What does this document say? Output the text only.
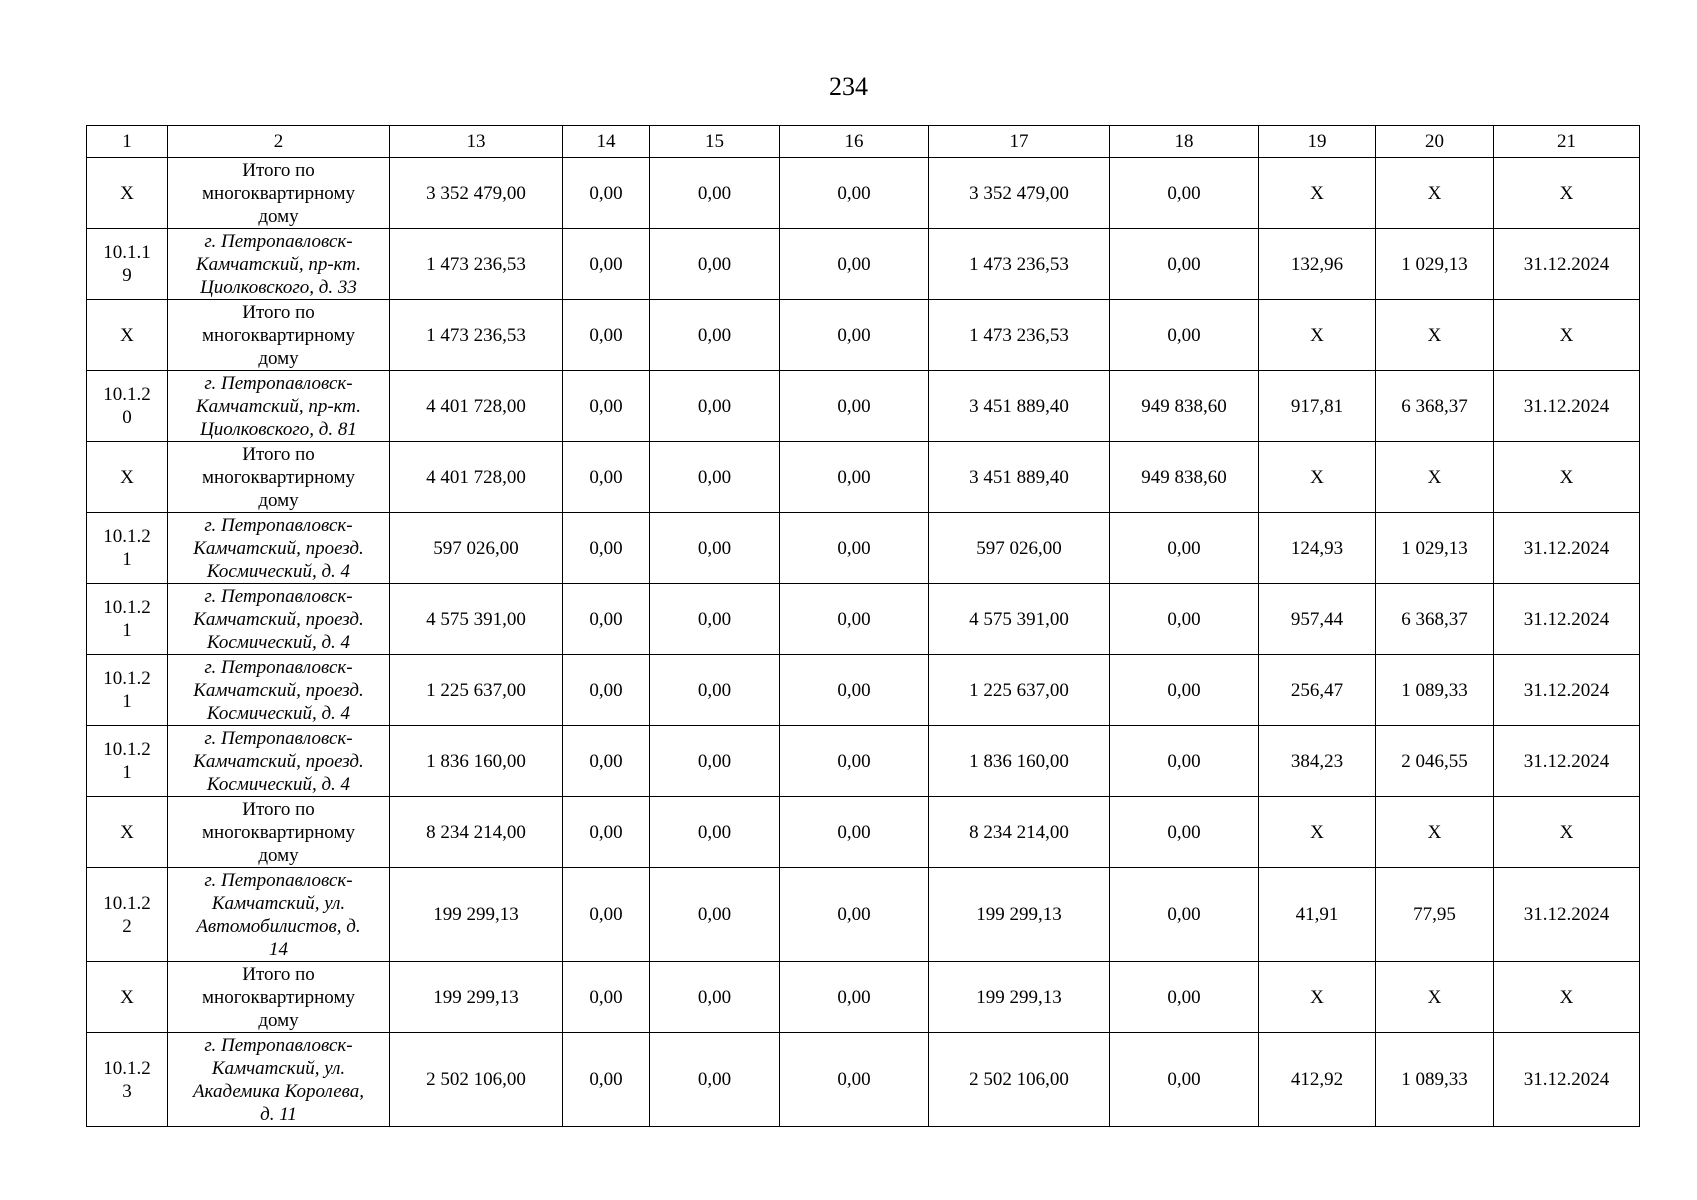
234
1	2	13	14	15	16	17	18	19	20	21
Х	Итого по
многоквартирному
дому	3 352 479,00	0,00	0,00	0,00	3 352 479,00	0,00	Х	Х	Х
10.1.1
9	г. Петропавловск-
Камчатский, пр-кт.
Циолковского, д. 33	1 473 236,53	0,00	0,00	0,00	1 473 236,53	0,00	132,96	1 029,13	31.12.2024
Х	Итого по
многоквартирному
дому	1 473 236,53	0,00	0,00	0,00	1 473 236,53	0,00	Х	Х	Х
10.1.2
0	г. Петропавловск-
Камчатский, пр-кт.
Циолковского, д. 81	4 401 728,00	0,00	0,00	0,00	3 451 889,40	949 838,60	917,81	6 368,37	31.12.2024
Х	Итого по
многоквартирному
дому	4 401 728,00	0,00	0,00	0,00	3 451 889,40	949 838,60	Х	Х	Х
10.1.2
1	г. Петропавловск-
Камчатский, проезд.
Космический, д. 4	597 026,00	0,00	0,00	0,00	597 026,00	0,00	124,93	1 029,13	31.12.2024
10.1.2
1	г. Петропавловск-
Камчатский, проезд.
Космический, д. 4	4 575 391,00	0,00	0,00	0,00	4 575 391,00	0,00	957,44	6 368,37	31.12.2024
10.1.2
1	г. Петропавловск-
Камчатский, проезд.
Космический, д. 4	1 225 637,00	0,00	0,00	0,00	1 225 637,00	0,00	256,47	1 089,33	31.12.2024
10.1.2
1	г. Петропавловск-
Камчатский, проезд.
Космический, д. 4	1 836 160,00	0,00	0,00	0,00	1 836 160,00	0,00	384,23	2 046,55	31.12.2024
Х	Итого по
многоквартирному
дому	8 234 214,00	0,00	0,00	0,00	8 234 214,00	0,00	Х	Х	Х
10.1.2
2	г. Петропавловск-
Камчатский, ул.
Автомобилистов, д.
14	199 299,13	0,00	0,00	0,00	199 299,13	0,00	41,91	77,95	31.12.2024
Х	Итого по
многоквартирному
дому	199 299,13	0,00	0,00	0,00	199 299,13	0,00	Х	Х	Х
10.1.2
3	г. Петропавловск-
Камчатский, ул.
Академика Королева,
д. 11	2 502 106,00	0,00	0,00	0,00	2 502 106,00	0,00	412,92	1 089,33	31.12.2024
